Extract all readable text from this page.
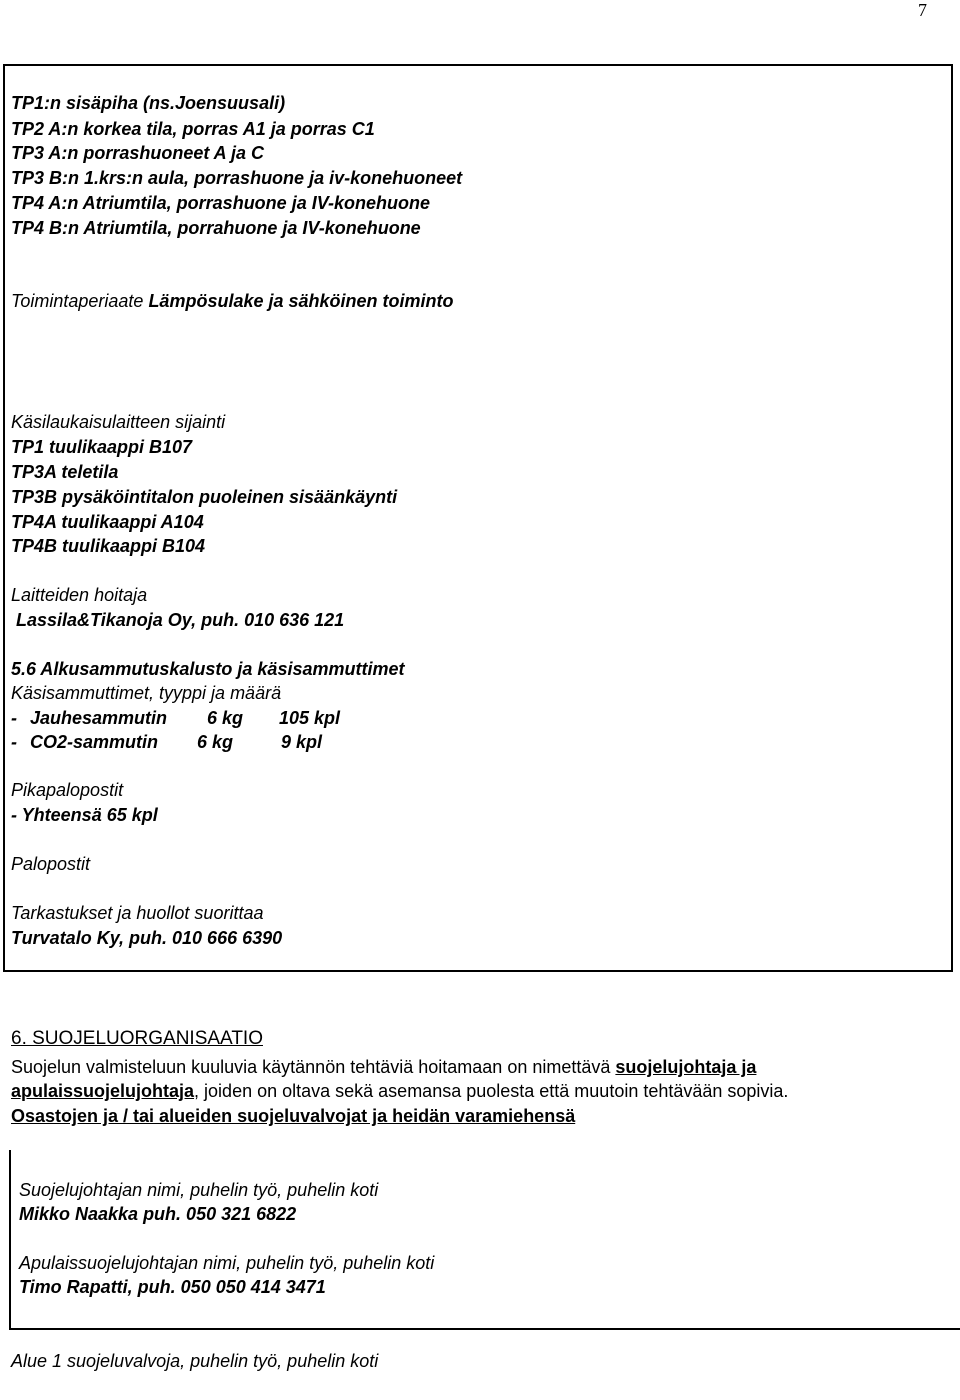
7
TP1:n sisäpiha (ns.Joensuusali)
TP2 A:n korkea tila, porras A1 ja porras C1
TP3 A:n porrashuoneet A ja C
TP3 B:n 1.krs:n aula, porrashuone ja iv-konehuoneet
TP4 A:n Atriumtila, porrashuone ja IV-konehuone
TP4 B:n Atriumtila, porrahuone ja IV-konehuone
Toimintaperiaate Lämpösulake ja sähköinen toiminto
Käsilaukaisulaitteen sijainti
TP1 tuulikaappi B107
TP3A teletila
TP3B pysäköintitalon puoleinen sisäänkäynti
TP4A tuulikaappi A104
TP4B tuulikaappi B104
Laitteiden hoitaja
Lassila&Tikanoja Oy, puh. 010 636 121
5.6 Alkusammutuskalusto ja käsisammuttimet
Käsisammuttimet, tyyppi ja määrä
- Jauhesammutin 6 kg 105 kpl
- CO2-sammutin 6 kg	9 kpl
Pikapalopostit
- Yhteensä 65 kpl
Palopostit
Tarkastukset ja huollot suorittaa
Turvatalo Ky, puh. 010 666 6390
6. SUOJELUORGANISAATIO
Suojelun valmisteluun kuuluvia käytännön tehtäviä hoitamaan on nimettävä suojelujohtaja ja
apulaissuojelujohtaja, joiden on oltava sekä asemansa puolesta että muutoin tehtävään sopivia.
Osastojen ja / tai alueiden suojeluvalvojat ja heidän varamiehensä
Suojelujohtajan nimi, puhelin työ, puhelin koti
Mikko Naakka puh. 050 321 6822
Apulaissuojelujohtajan nimi, puhelin työ, puhelin koti
Timo Rapatti, puh. 050 050 414 3471
Alue 1 suojeluvalvoja, puhelin työ, puhelin koti
